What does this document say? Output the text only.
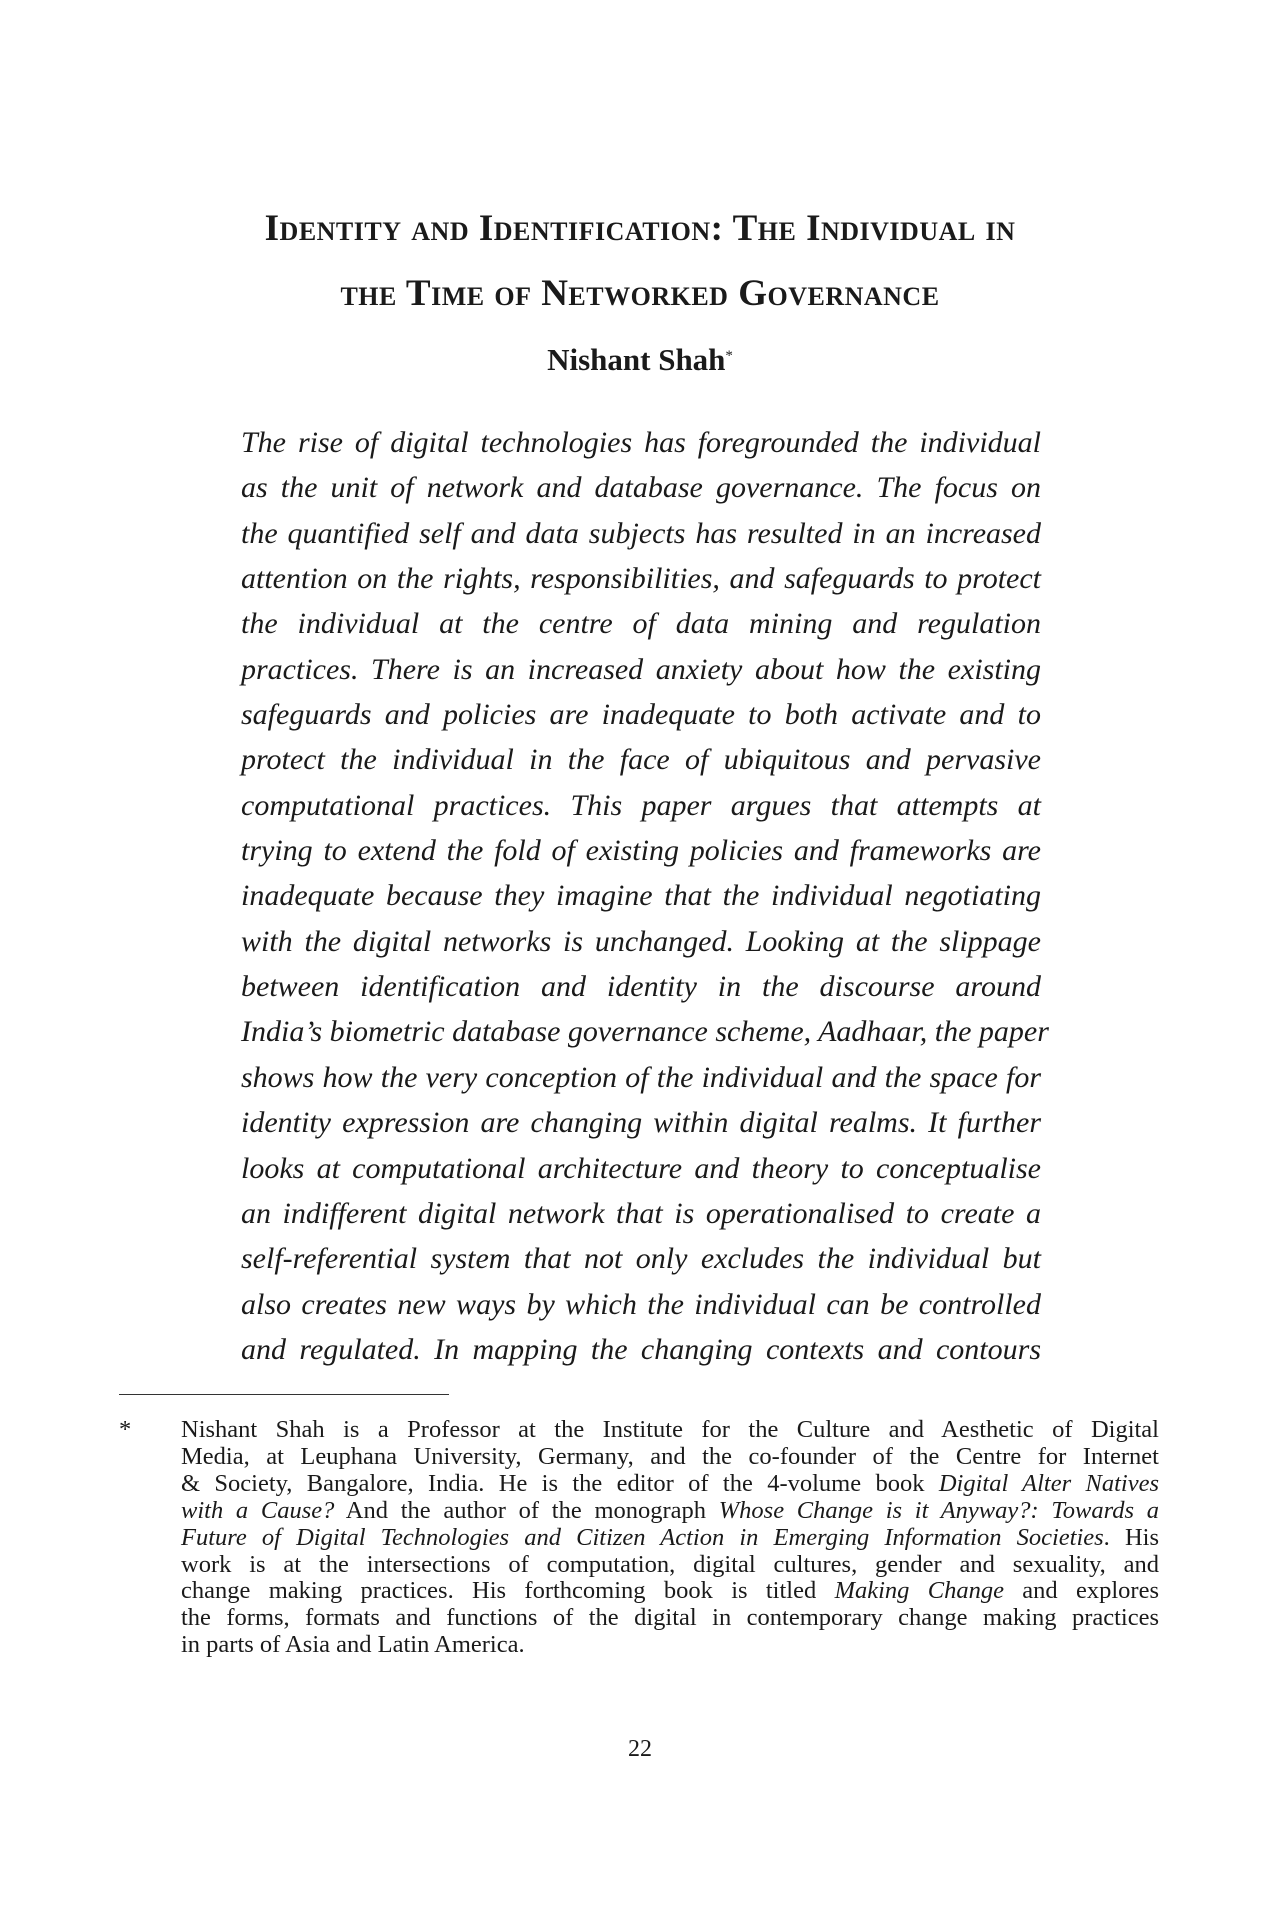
Identity and Identification: The Individual in
the Time of Networked Governance

Nishant Shah*

The rise of digital technologies has foregrounded the individual
as the unit of network and database governance. The focus on
the quantified self and data subjects has resulted in an increased
attention on the rights, responsibilities, and safeguards to protect
the individual at the centre of data mining and regulation
practices. There is an increased anxiety about how the existing
safeguards and policies are inadequate to both activate and to
protect the individual in the face of ubiquitous and pervasive
computational practices. This paper argues that attempts at
trying to extend the fold of existing policies and frameworks are
inadequate because they imagine that the individual negotiating
with the digital networks is unchanged. Looking at the slippage
between identification and identity in the discourse around
India’s biometric database governance scheme, Aadhaar, the paper
shows how the very conception of the individual and the space for
identity expression are changing within digital realms. It further
looks at computational architecture and theory to conceptualise
an indifferent digital network that is operationalised to create a
self-referential system that not only excludes the individual but
also creates new ways by which the individual can be controlled
and regulated. In mapping the changing contexts and contours
*	Nishant Shah is a Professor at the Institute for the Culture and Aesthetic of Digital
Media, at Leuphana University, Germany, and the co-founder of the Centre for Internet
& Society, Bangalore, India. He is the editor of the 4-volume book Digital Alter Natives
with a Cause? And the author of the monograph Whose Change is it Anyway?: Towards a
Future of Digital Technologies and Citizen Action in Emerging Information Societies. His
work is at the intersections of computation, digital cultures, gender and sexuality, and
change making practices. His forthcoming book is titled Making Change and explores
the forms, formats and functions of the digital in contemporary change making practices
in parts of Asia and Latin America.

22
